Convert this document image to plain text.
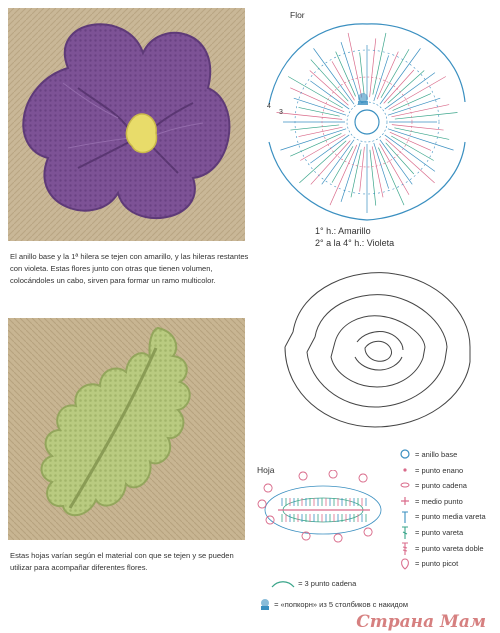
El anillo base y la 1ª hilera se tejen con amarillo, y las hileras restantes con violeta. Estas flores junto con otras que tienen volumen, colocándoles un cabo, sirven para formar un ramo multicolor.
Estas hojas varían según el material con que se tejen y se pueden utilizar para acompañar diferentes flores.
Flor
4
3
1° h.: Amarillo
2° a la 4° h.: Violeta
Hoja
= anillo base
= punto enano
= punto cadena
= medio punto
= punto media vareta
= punto vareta
= punto vareta doble
= punto picot
= 3 punto cadena
= «попкорн» из 5 столбиков с накидом
Страна Мам
